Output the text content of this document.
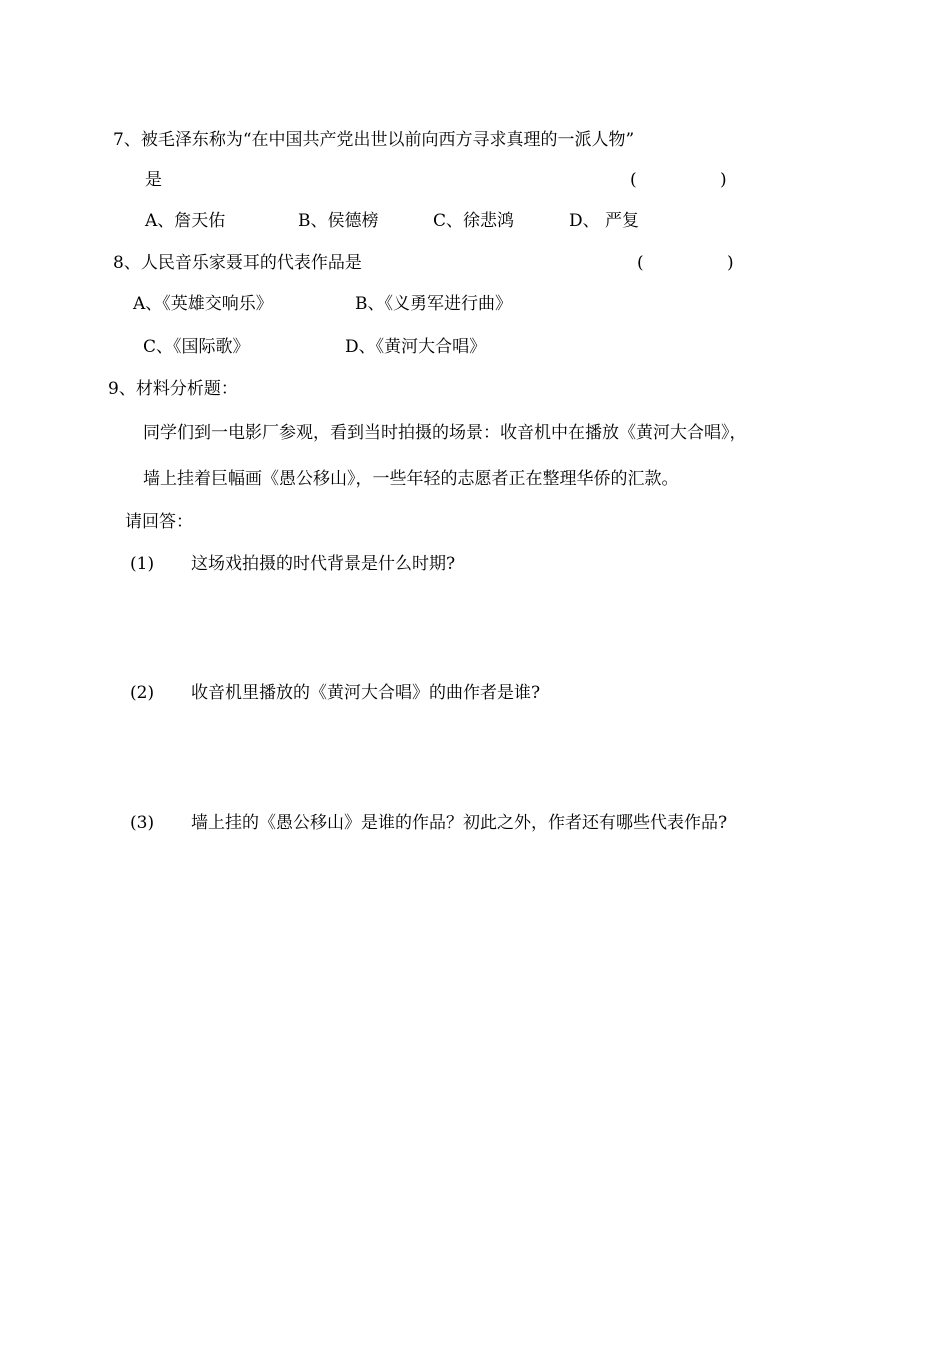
7、被毛泽东称为“在中国共产党出世以前向西方寻求真理的一派人物”
是	(	)
A、詹天佑	B、侯德榜	C、徐悲鸿	D、 严复
8、人民音乐家聂耳的代表作品是	(	)
A、《英雄交响乐》	B、《义勇军进行曲》
C、《国际歌》	D、《黄河大合唱》
9、材料分析题：
同学们到一电影厂参观，看到当时拍摄的场景：收音机中在播放《黄河大合唱》，
墙上挂着巨幅画《愚公移山》，一些年轻的志愿者正在整理华侨的汇款。
请回答：
(1) 这场戏拍摄的时代背景是什么时期?
(2) 收音机里播放的《黄河大合唱》的曲作者是谁?
(3) 墙上挂的《愚公移山》是谁的作品？初此之外，作者还有哪些代表作品?
